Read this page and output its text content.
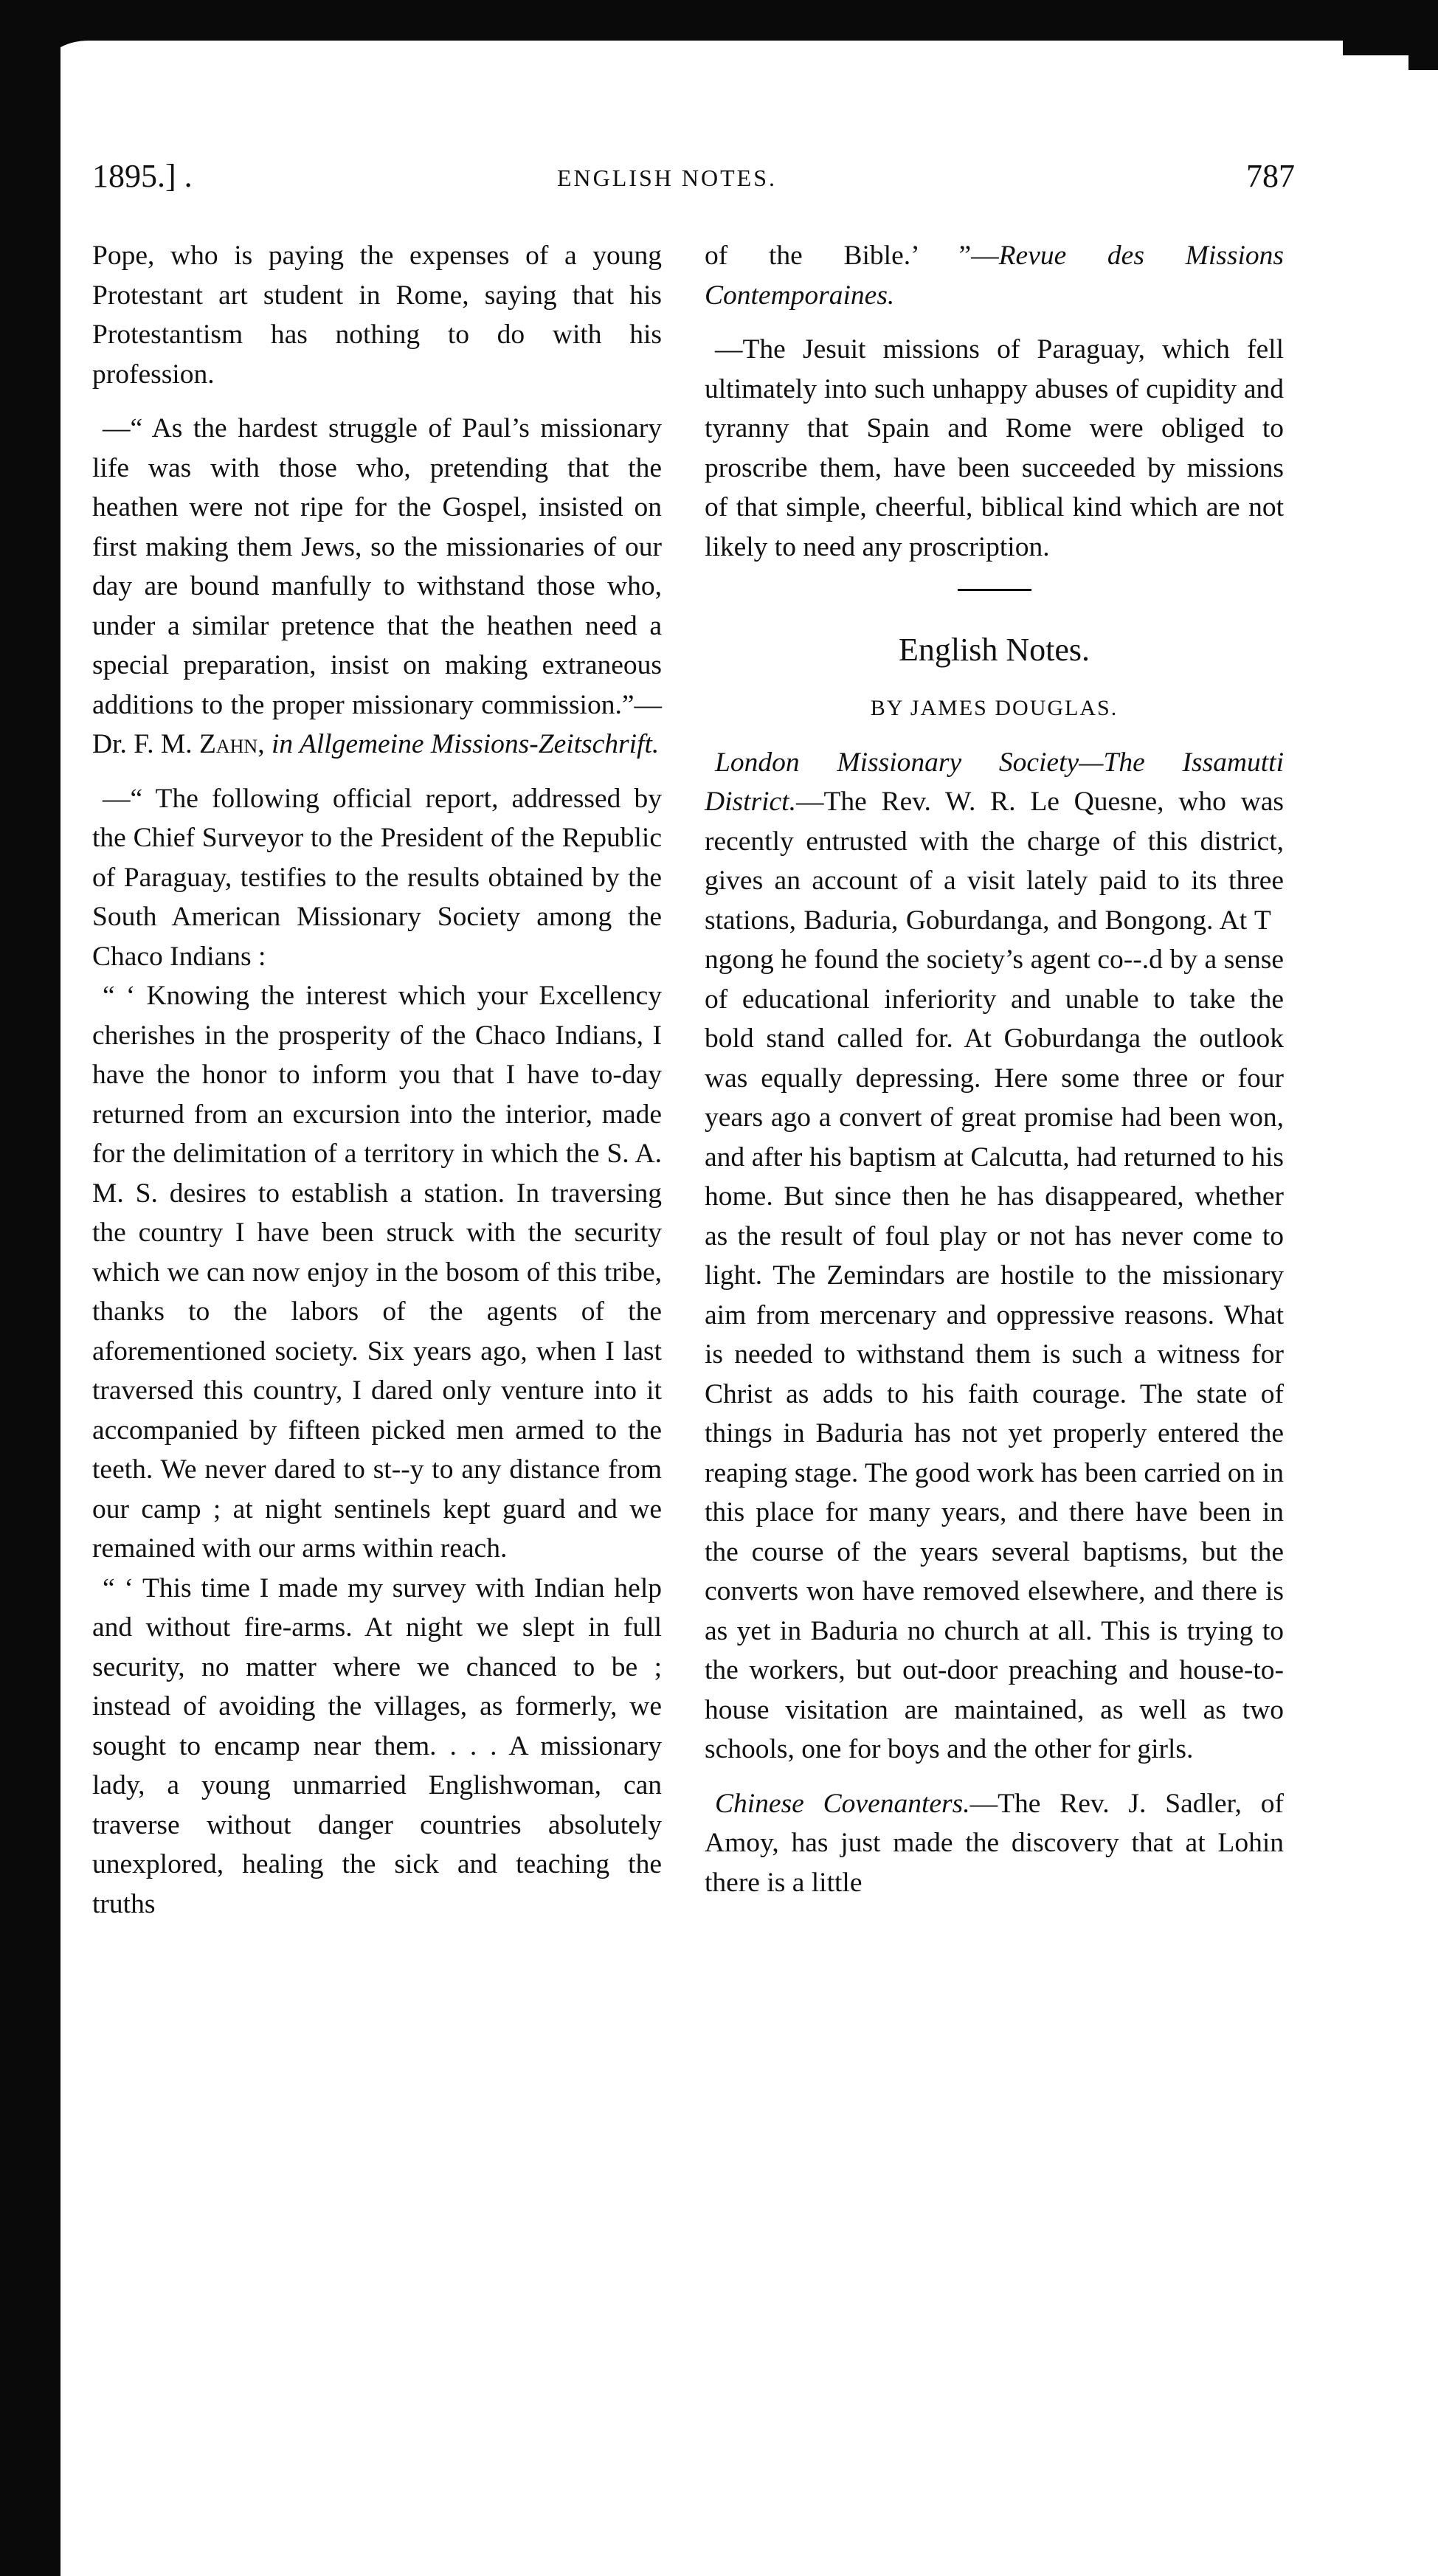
1895.] .	ENGLISH NOTES.	787

Pope, who is paying the expenses of a young Protestant art student in Rome, saying that his Protestantism has nothing to do with his profession.

—“ As the hardest struggle of Paul’s missionary life was with those who, pretending that the heathen were not ripe for the Gospel, insisted on first making them Jews, so the missionaries of our day are bound manfully to withstand those who, under a similar pretence that the heathen need a special preparation, insist on making extraneous additions to the proper missionary commission.”—Dr. F. M. Zahn, in Allgemeine Missions-Zeitschrift.

—“ The following official report, addressed by the Chief Surveyor to the President of the Republic of Paraguay, testifies to the results obtained by the South American Missionary Society among the Chaco Indians :

“ ‘ Knowing the interest which your Excellency cherishes in the prosperity of the Chaco Indians, I have the honor to inform you that I have to-day returned from an excursion into the interior, made for the delimitation of a territory in which the S. A. M. S. desires to establish a station. In traversing the country I have been struck with the security which we can now enjoy in the bosom of this tribe, thanks to the labors of the agents of the aforementioned society. Six years ago, when I last traversed this country, I dared only venture into it accompanied by fifteen picked men armed to the teeth. We never dared to st‐‐y to any distance from our camp ; at night sentinels kept guard and we remained with our arms within reach.

“ ‘ This time I made my survey with Indian help and without fire-arms. At night we slept in full security, no matter where we chanced to be ; instead of avoiding the villages, as formerly, we sought to encamp near them. . . . A missionary lady, a young unmarried Englishwoman, can traverse without danger countries absolutely unexplored, healing the sick and teaching the truths

of the Bible.’ ”—Revue des Missions Contemporaines.

—The Jesuit missions of Paraguay, which fell ultimately into such unhappy abuses of cupidity and tyranny that Spain and Rome were obliged to proscribe them, have been succeeded by missions of that simple, cheerful, biblical kind which are not likely to need any proscription.

English Notes.
BY JAMES DOUGLAS.

London Missionary Society—The Issamutti District.—The Rev. W. R. Le Quesne, who was recently entrusted with the charge of this district, gives an account of a visit lately paid to its three stations, Baduria, Goburdanga, and Bongong. At T  ngong he found the society’s agent co‐‐.d by a sense of educational inferiority and unable to take the bold stand called for. At Goburdanga the outlook was equally depressing. Here some three or four years ago a convert of great promise had been won, and after his baptism at Calcutta, had returned to his home. But since then he has disappeared, whether as the result of foul play or not has never come to light. The Zemindars are hostile to the missionary aim from mercenary and oppressive reasons. What is needed to withstand them is such a witness for Christ as adds to his faith courage. The state of things in Baduria has not yet properly entered the reaping stage. The good work has been carried on in this place for many years, and there have been in the course of the years several baptisms, but the converts won have removed elsewhere, and there is as yet in Baduria no church at all. This is trying to the workers, but out-door preaching and house-to-house visitation are maintained, as well as two schools, one for boys and the other for girls.

Chinese Covenanters.—The Rev. J. Sadler, of Amoy, has just made the discovery that at Lohin there is a little
